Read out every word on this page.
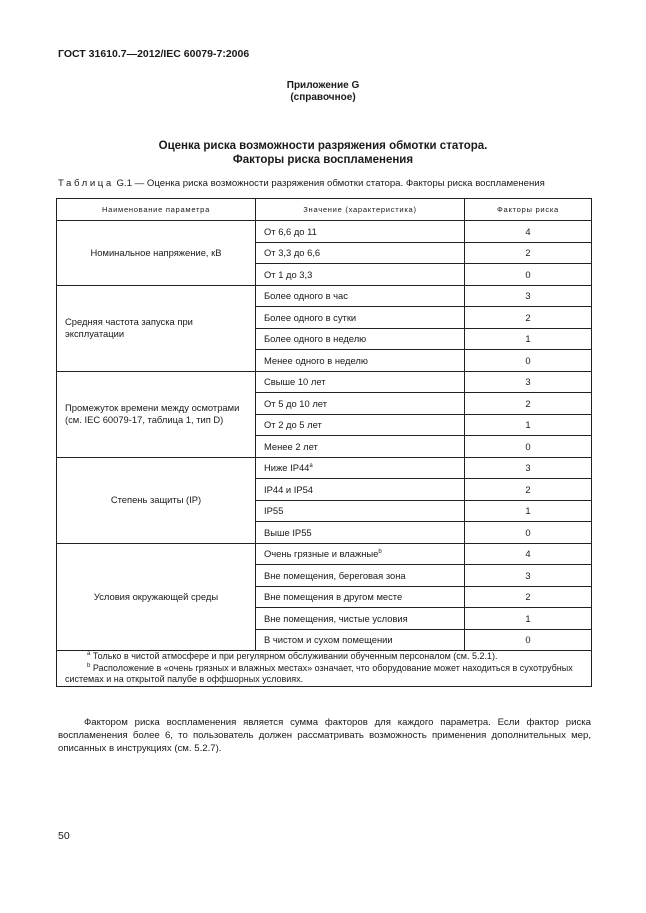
ГОСТ 31610.7—2012/IEC 60079-7:2006
Приложение G
(справочное)
Оценка риска возможности разряжения обмотки статора.
Факторы риска воспламенения
Таблица G.1 — Оценка риска возможности разряжения обмотки статора. Факторы риска воспламенения
Наименование параметра	Значение (характеристика)	Факторы риска
Номинальное напряжение, кВ	От 6,6 до 11	4
	От 3,3 до 6,6	2
	От 1 до 3,3	0
Средняя частота запуска при эксплуатации	Более одного в час	3
	Более одного в сутки	2
	Более одного в неделю	1
	Менее одного в неделю	0
Промежуток времени между осмотрами (см. IEC 60079-17, таблица 1, тип D)	Свыше 10 лет	3
	От 5 до 10 лет	2
	От 2 до 5 лет	1
	Менее 2 лет	0
Степень защиты (IP)	Ниже IP44$^a$	3
	IP44 и IP54	2
	IP55	1
	Выше IP55	0
Условия окружающей среды	Очень грязные и влажные$^b$	4
	Вне помещения, береговая зона	3
	Вне помещения в другом месте	2
	Вне помещения, чистые условия	1
	В чистом и сухом помещении	0

$^a$ Только в чистой атмосфере и при регулярном обслуживании обученным персоналом (см. 5.2.1).
$^b$ Расположение в «очень грязных и влажных местах» означает, что оборудование может находиться в сухотрубных системах и на открытой палубе в оффшорных условиях.		
Фактором риска воспламенения является сумма факторов для каждого параметра. Если фактор риска воспламенения более 6, то пользователь должен рассматривать возможность применения дополнительных мер, описанных в инструкциях (см. 5.2.7).
50
